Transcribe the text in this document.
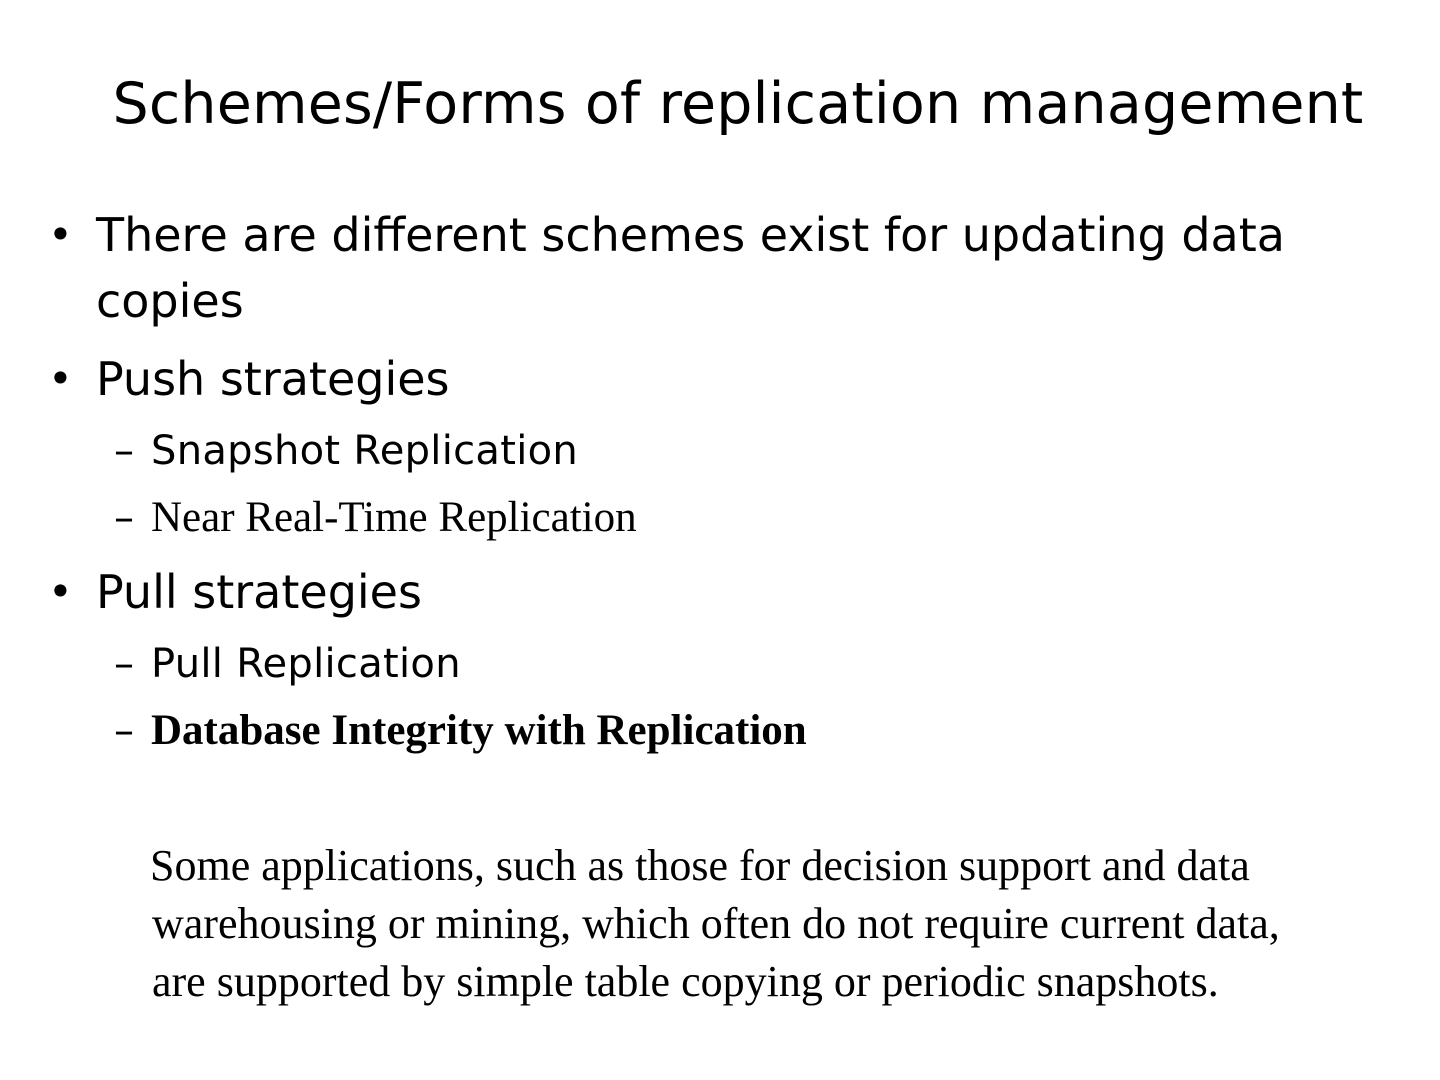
Schemes/Forms of replication management
• There are different schemes exist for updating data
copies
• Push strategies
– Snapshot Replication
– Near Real-Time Replication
• Pull strategies
– Pull Replication
– Database Integrity with Replication
Some applications, such as those for decision support and data
warehousing or mining, which often do not require current data,
are supported by simple table copying or periodic snapshots.
